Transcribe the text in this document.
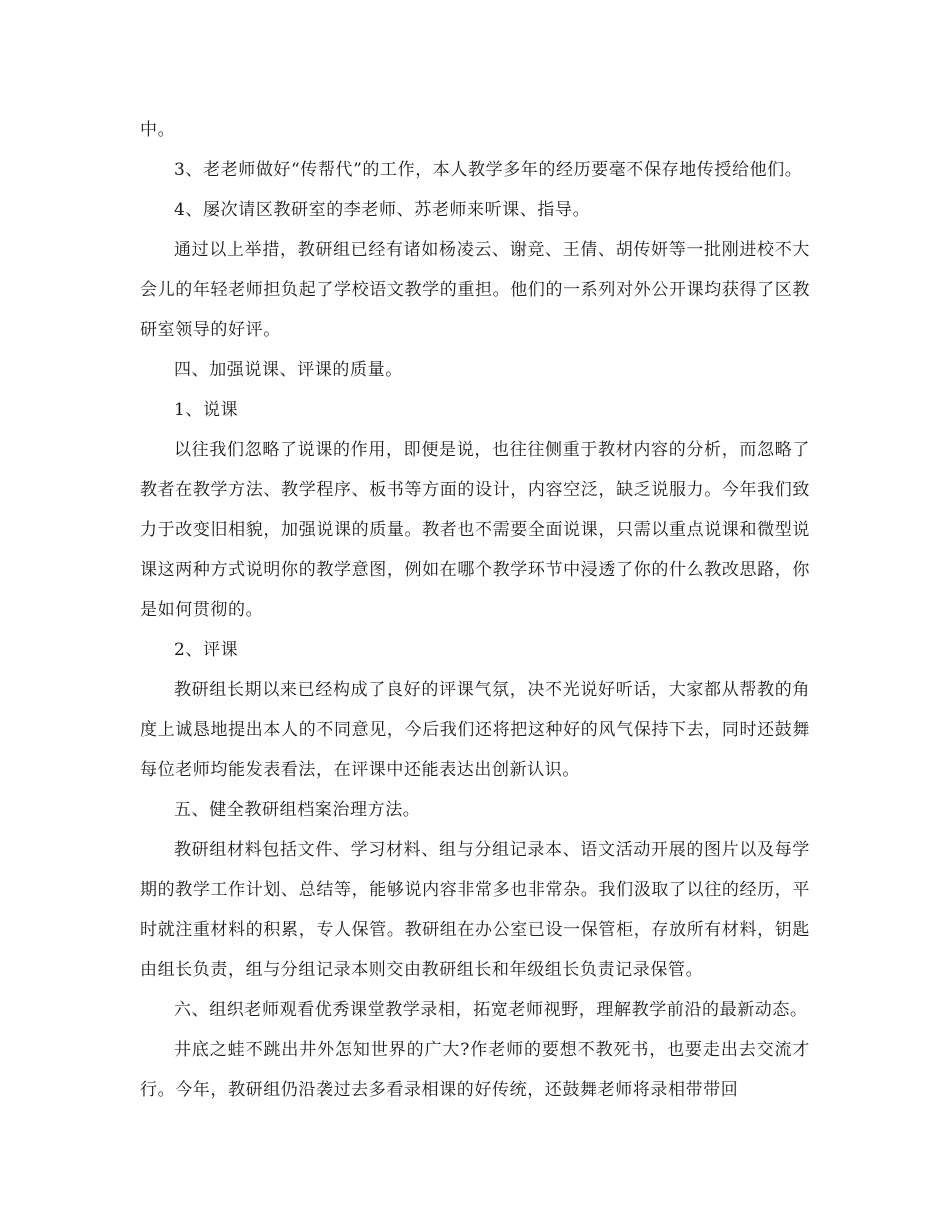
中。

3、老老师做好“传帮代”的工作，本人教学多年的经历要毫不保存地传授给他们。

4、屡次请区教研室的李老师、苏老师来听课、指导。

通过以上举措，教研组已经有诸如杨凌云、谢竞、王倩、胡传妍等一批刚进校不大会儿的年轻老师担负起了学校语文教学的重担。他们的一系列对外公开课均获得了区教研室领导的好评。

四、加强说课、评课的质量。

1、说课

以往我们忽略了说课的作用，即便是说，也往往侧重于教材内容的分析，而忽略了教者在教学方法、教学程序、板书等方面的设计，内容空泛，缺乏说服力。今年我们致力于改变旧相貌，加强说课的质量。教者也不需要全面说课，只需以重点说课和微型说课这两种方式说明你的教学意图，例如在哪个教学环节中浸透了你的什么教改思路，你是如何贯彻的。

2、评课

教研组长期以来已经构成了良好的评课气氛，决不光说好听话，大家都从帮教的角度上诚恳地提出本人的不同意见，今后我们还将把这种好的风气保持下去，同时还鼓舞每位老师均能发表看法，在评课中还能表达出创新认识。

五、健全教研组档案治理方法。

教研组材料包括文件、学习材料、组与分组记录本、语文活动开展的图片以及每学期的教学工作计划、总结等，能够说内容非常多也非常杂。我们汲取了以往的经历，平时就注重材料的积累，专人保管。教研组在办公室已设一保管柜，存放所有材料，钥匙由组长负责，组与分组记录本则交由教研组长和年级组长负责记录保管。

六、组织老师观看优秀课堂教学录相，拓宽老师视野，理解教学前沿的最新动态。

井底之蛙不跳出井外怎知世界的广大?作老师的要想不教死书，也要走出去交流才行。今年，教研组仍沿袭过去多看录相课的好传统，还鼓舞老师将录相带带回
